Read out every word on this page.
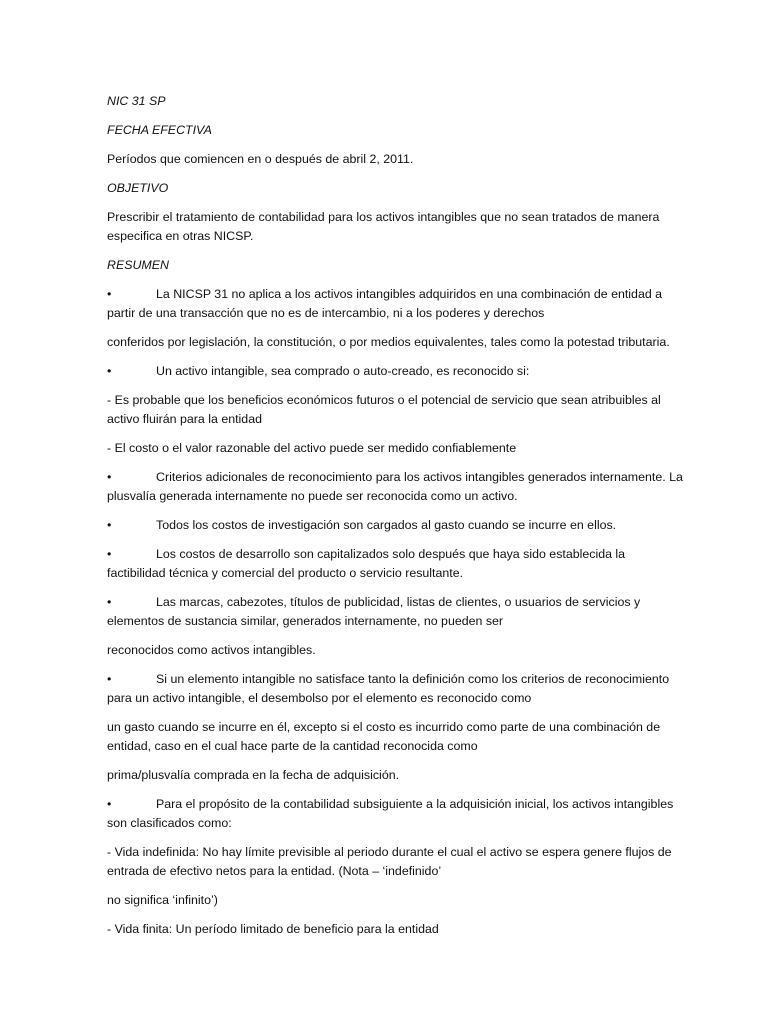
NIC 31 SP

FECHA EFECTIVA

Períodos que comiencen en o después de abril 2, 2011.

OBJETIVO

Prescribir el tratamiento de contabilidad para los activos intangibles que no sean tratados de manera especifica en otras NICSP.

RESUMEN

•	La NICSP 31 no aplica a los activos intangibles adquiridos en una combinación de entidad a partir de una transacción que no es de intercambio, ni a los poderes y derechos

conferidos por legislación, la constitución, o por medios equivalentes, tales como la potestad tributaria.

•	Un activo intangible, sea comprado o auto-creado, es reconocido si:

- Es probable que los beneficios económicos futuros o el potencial de servicio que sean atribuibles al activo fluirán para la entidad

- El costo o el valor razonable del activo puede ser medido confiablemente

•	Criterios adicionales de reconocimiento para los activos intangibles generados internamente. La plusvalía generada internamente no puede ser reconocida como un activo.

•	Todos los costos de investigación son cargados al gasto cuando se incurre en ellos.

•	Los costos de desarrollo son capitalizados solo después que haya sido establecida la factibilidad técnica y comercial del producto o servicio resultante.

•	Las marcas, cabezotes, títulos de publicidad, listas de clientes, o usuarios de servicios y elementos de sustancia similar, generados internamente, no pueden ser

reconocidos como activos intangibles.

•	Si un elemento intangible no satisface tanto la definición como los criterios de reconocimiento para un activo intangible, el desembolso por el elemento es reconocido como

un gasto cuando se incurre en él, excepto si el costo es incurrido como parte de una combinación de entidad, caso en el cual hace parte de la cantidad reconocida como

prima/plusvalía comprada en la fecha de adquisición.

•	Para el propósito de la contabilidad subsiguiente a la adquisición inicial, los activos intangibles son clasificados como:

- Vida indefinida: No hay límite previsible al periodo durante el cual el activo se espera genere flujos de entrada de efectivo netos para la entidad. (Nota – ‘indefinido’

no significa ‘infinito’)

- Vida finita: Un período limitado de beneficio para la entidad
